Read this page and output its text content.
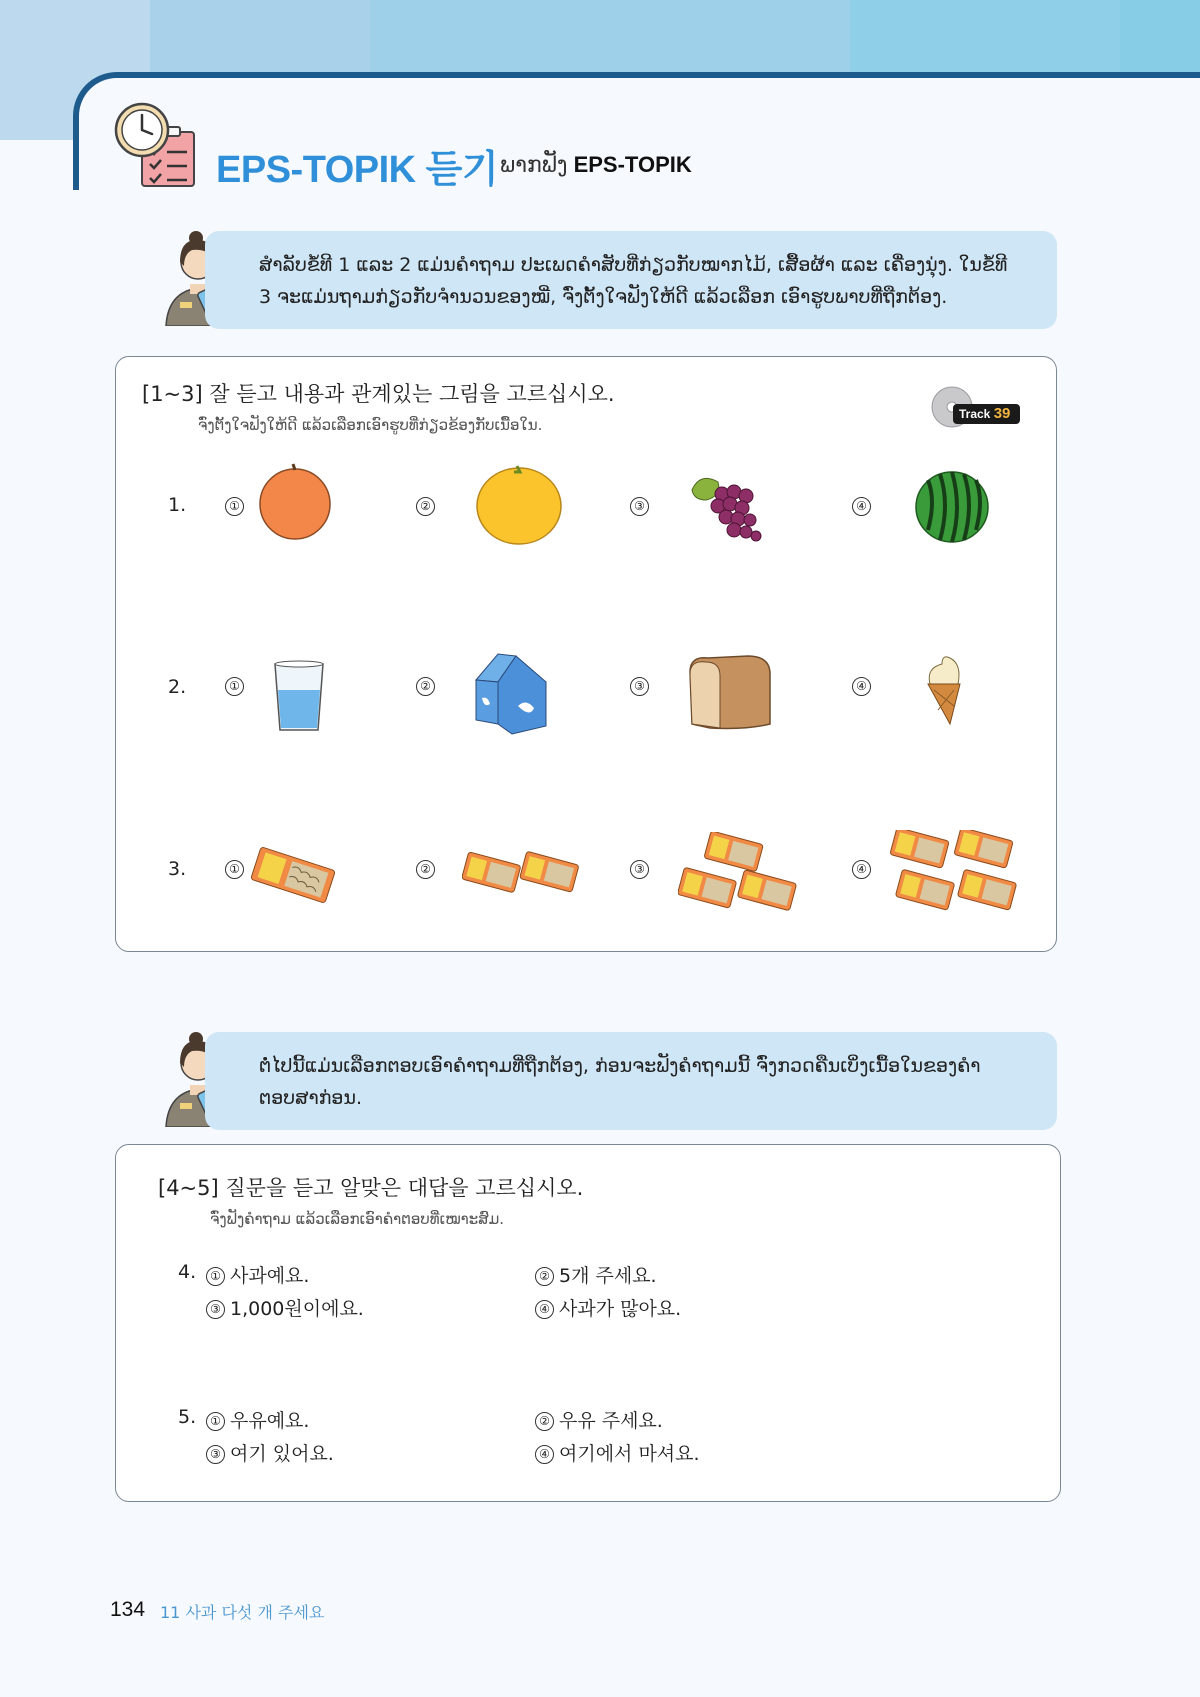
EPS-TOPIK 듣기 ພາກຟັງ EPS-TOPIK
ສໍາລັບຂໍ້ທີ 1 ແລະ 2 ແມ່ນຄໍາຖາມ ປະເພດຄໍາສັບທີ່ກ່ຽວກັບໝາກໄມ້, ເສື້ອຜ້າ ແລະ ເຄື່ອງນຸ່ງ. ໃນຂໍ້ທີ
3 ຈະແມ່ນຖາມກ່ຽວກັບຈໍານວນຂອງໝີ່, ຈົ່ງຕັ້ງໃຈຟັງໃຫ້ດີ ແລ້ວເລືອກ ເອົາຮູບພາບທີ່ຖືກຕ້ອງ.
[1~3] 잘 듣고 내용과 관계있는 그림을 고르십시오.
ຈົ່ງຕັ້ງໃຈຟັງໃຫ້ດີ ແລ້ວເລືອກເອົາຮູບທີ່ກ່ຽວຂ້ອງກັບເນື້ອໃນ.
Track 39
1.	①	②	③	④
2.	①	②	③	④
3.	①	②	③	④
ຕໍ່ໄປນີ້ແມ່ນເລືອກຕອບເອົາຄໍາຖາມທີ່ຖືກຕ້ອງ, ກ່ອນຈະຟັງຄໍາຖາມນີ້ ຈົ່ງກວດຄືນເບິ່ງເນື້ອໃນຂອງຄໍາ
ຕອບສາກ່ອນ.
[4~5] 질문을 듣고 알맞은 대답을 고르십시오.
ຈົ່ງຟັງຄໍາຖາມ ແລ້ວເລືອກເອົາຄໍາຕອບທີ່ເໝາະສົມ.
4.	① 사과예요.	② 5개 주세요.
③ 1,000원이에요.	④ 사과가 많아요.
5.	① 우유예요.	② 우유 주세요.
③ 여기 있어요.	④ 여기에서 마셔요.
134 11 사과 다섯 개 주세요
